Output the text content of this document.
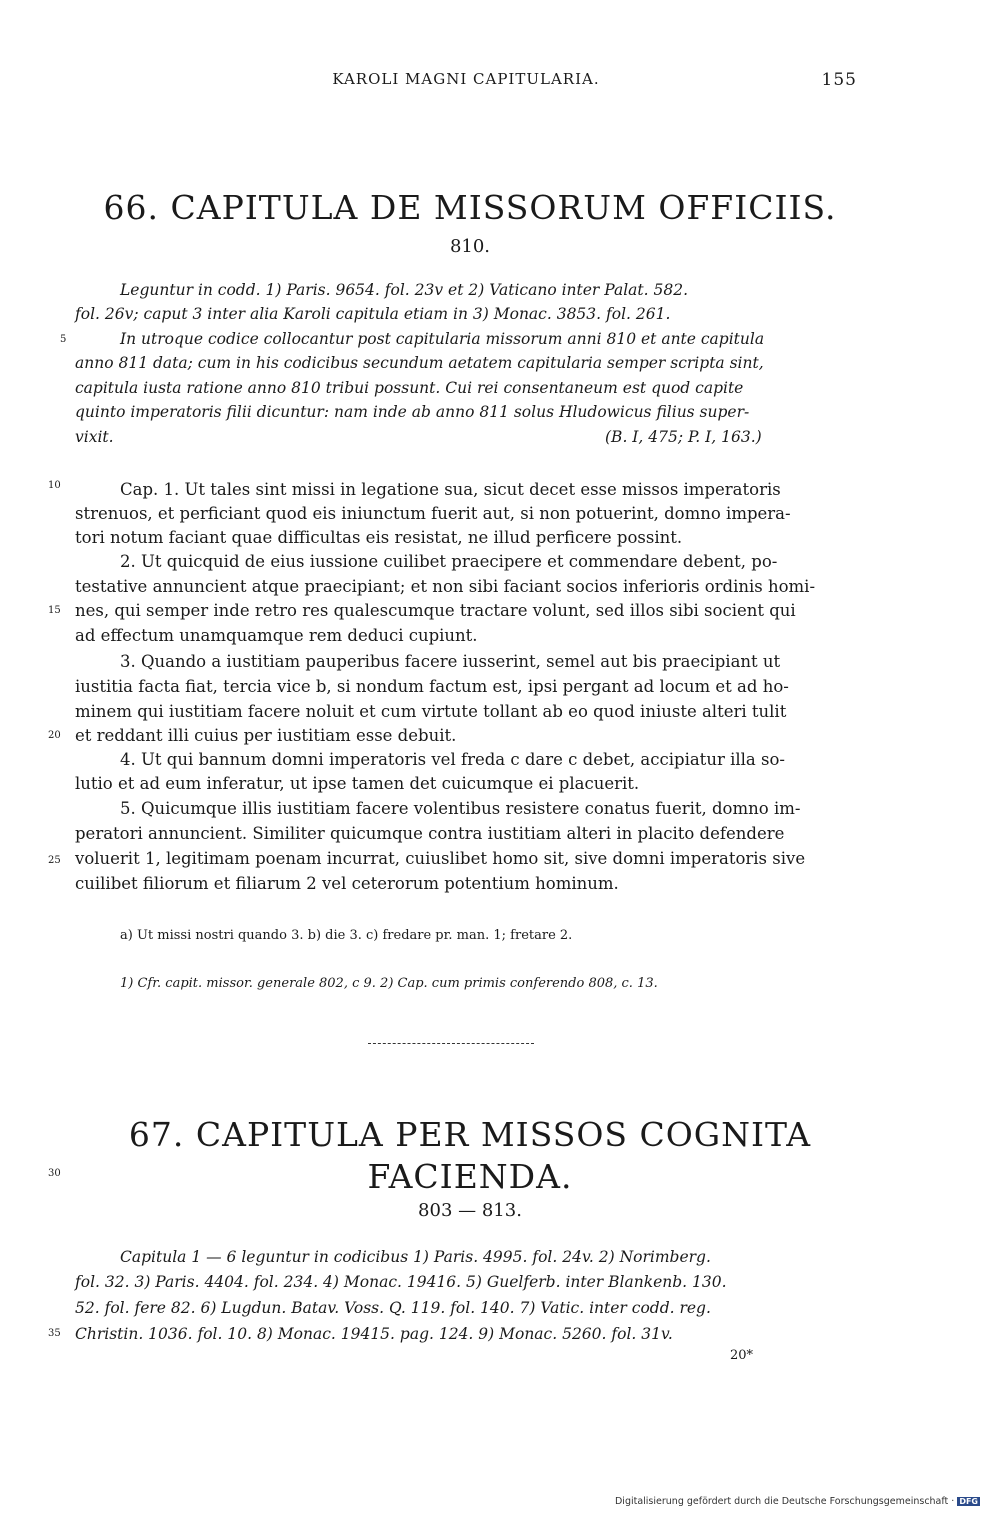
KAROLI MAGNI CAPITULARIA.	155
66. CAPITULA DE MISSORUM OFFICIIS.
810.
Leguntur in codd. 1) Paris. 9654. fol. 23v et 2) Vaticano inter Palat. 582.
fol. 26v; caput 3 inter alia Karoli capitula etiam in 3) Monac. 3853. fol. 261.
In utroque codice collocantur post capitularia missorum anni 810 et ante capitula
anno 811 data; cum in his codicibus secundum aetatem capitularia semper scripta sint,
capitula iusta ratione anno 810 tribui possunt. Cui rei consentaneum est quod capite
quinto imperatoris filii dicuntur: nam inde ab anno 811 solus Hludowicus filius super-
vixit.	(B. I, 475; P. I, 163.)
Cap. 1. Ut tales sint missi in legatione sua, sicut decet esse missos imperatoris
strenuos, et perficiant quod eis iniunctum fuerit aut, si non potuerint, domno impera-
tori notum faciant quae difficultas eis resistat, ne illud perficere possint.
2. Ut quicquid de eius iussione cuilibet praecipere et commendare debent, po-
testative annuncient atque praecipiant; et non sibi faciant socios inferioris ordinis homi-
nes, qui semper inde retro res qualescumque tractare volunt, sed illos sibi socient qui
ad effectum unamquamque rem deduci cupiunt.
3. Quando a iustitiam pauperibus facere iusserint, semel aut bis praecipiant ut
iustitia facta fiat, tercia vice b, si nondum factum est, ipsi pergant ad locum et ad ho-
minem qui iustitiam facere noluit et cum virtute tollant ab eo quod iniuste alteri tulit
et reddant illi cuius per iustitiam esse debuit.
4. Ut qui bannum domni imperatoris vel freda c dare c debet, accipiatur illa so-
lutio et ad eum inferatur, ut ipse tamen det cuicumque ei placuerit.
5. Quicumque illis iustitiam facere volentibus resistere conatus fuerit, domno im-
peratori annuncient. Similiter quicumque contra iustitiam alteri in placito defendere
voluerit 1, legitimam poenam incurrat, cuiuslibet homo sit, sive domni imperatoris sive
cuilibet filiorum et filiarum 2 vel ceterorum potentium hominum.
a) Ut missi nostri quando 3. b) die 3. c) fredare pr. man. 1; fretare 2.
1) Cfr. capit. missor. generale 802, c 9. 2) Cap. cum primis conferendo 808, c. 13.
67. CAPITULA PER MISSOS COGNITA
FACIENDA.
803 — 813.
Capitula 1 — 6 leguntur in codicibus 1) Paris. 4995. fol. 24v. 2) Norimberg.
fol. 32. 3) Paris. 4404. fol. 234. 4) Monac. 19416. 5) Guelferb. inter Blankenb. 130.
52. fol. fere 82. 6) Lugdun. Batav. Voss. Q. 119. fol. 140. 7) Vatic. inter codd. reg.
Christin. 1036. fol. 10. 8) Monac. 19415. pag. 124. 9) Monac. 5260. fol. 31v.
20*
5
10
15
20
25
30
35
Digitalisierung gefördert durch die Deutsche Forschungsgemeinschaft · DFG
